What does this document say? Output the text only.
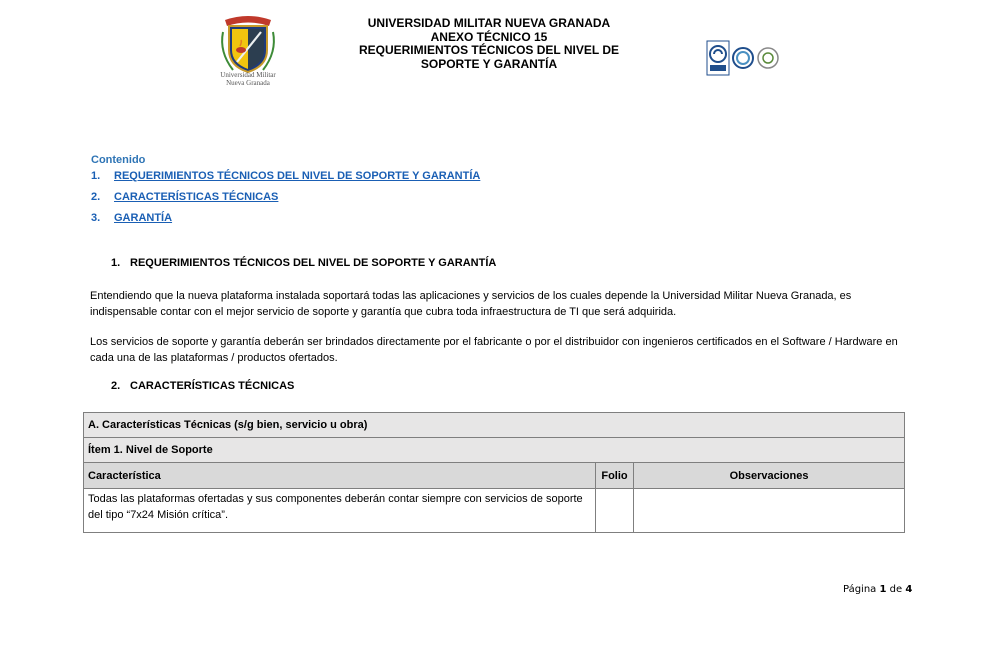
Universidad Militar
Nueva Granada
UNIVERSIDAD MILITAR NUEVA GRANADA
ANEXO TÉCNICO 15
REQUERIMIENTOS TÉCNICOS DEL NIVEL DE
SOPORTE Y GARANTÍA
Contenido
1. REQUERIMIENTOS TÉCNICOS DEL NIVEL DE SOPORTE Y GARANTÍA
2. CARACTERÍSTICAS TÉCNICAS
3. GARANTÍA
1. REQUERIMIENTOS TÉCNICOS DEL NIVEL DE SOPORTE Y GARANTÍA
Entendiendo que la nueva plataforma instalada soportará todas las aplicaciones y servicios de los cuales depende la Universidad Militar Nueva Granada, es indispensable contar con el mejor servicio de soporte y garantía que cubra toda infraestructura de TI que será adquirida.
Los servicios de soporte y garantía deberán ser brindados directamente por el fabricante o por el distribuidor con ingenieros certificados en el Software / Hardware en cada una de las plataformas / productos ofertados.
2. CARACTERÍSTICAS TÉCNICAS
A. Características Técnicas (s/g bien, servicio u obra)		
Ítem 1. Nivel de Soporte		
Característica	Folio	Observaciones
Todas las plataformas ofertadas y sus componentes deberán contar siempre con servicios de soporte del tipo “7x24 Misión crítica”.		
Página 1 de 4
